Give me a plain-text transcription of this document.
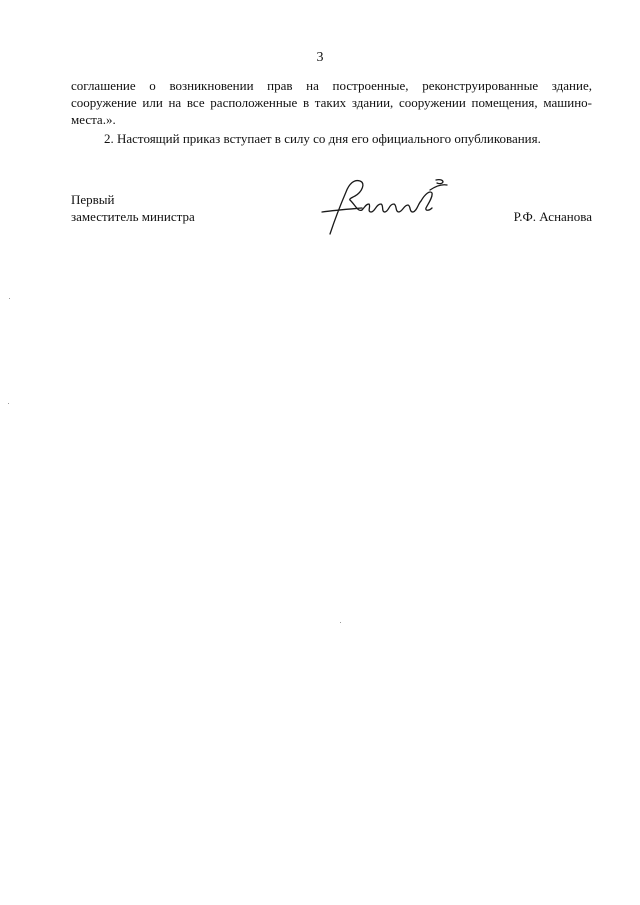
3

соглашение о возникновении прав на построенные, реконструированные здание,

сооружение или на все расположенные в таких здании, сооружении помещения, машино-

места.».

2. Настоящий приказ вступает в силу со дня его официального опубликования.

Первый
заместитель министра	Р.Ф. Аснанова
